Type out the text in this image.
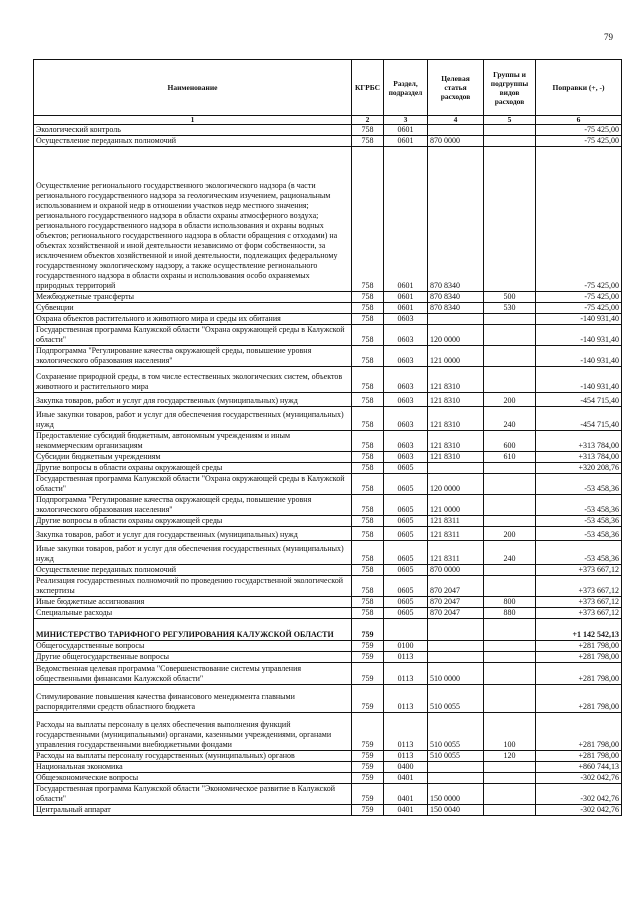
79
Наименование	КГРБС	Раздел, подраздел	Целевая статья расходов	Группы и подгруппы видов расходов	Поправки (+, -)
1	2	3	4	5	6
Экологический контроль	758	0601			-75 425,00
Осуществление переданных полномочий	758	0601	870 0000		-75 425,00
Осуществление регионального государственного экологического надзора (в части регионального государственного надзора за геологическим изучением, рациональным использованием и охраной недр в отношении участков недр местного значения; регионального государственного надзора в области охраны атмосферного воздуха; регионального государственного надзора в области использования и охраны водных объектов; регионального государственного надзора в области обращения с отходами) на объектах хозяйственной и иной деятельности независимо от форм собственности, за исключением объектов хозяйственной и иной деятельности, подлежащих федеральному государственному экологическому надзору, а также осуществление регионального государственного надзора в области охраны и использования особо охраняемых природных территорий	758	0601	870 8340		-75 425,00
Межбюджетные трансферты	758	0601	870 8340	500	-75 425,00
Субвенции	758	0601	870 8340	530	-75 425,00
Охрана объектов растительного и животного мира и среды их обитания	758	0603			-140 931,40
Государственная программа Калужской области "Охрана окружающей среды в Калужской области"	758	0603	120 0000		-140 931,40
Подпрограмма "Регулирование качества окружающей среды, повышение уровня экологического образования населения"	758	0603	121 0000		-140 931,40
Сохранение природной среды, в том числе естественных экологических систем, объектов животного и растительного мира	758	0603	121 8310		-140 931,40
Закупка товаров, работ и услуг для государственных (муниципальных) нужд	758	0603	121 8310	200	-454 715,40
Иные закупки товаров, работ и услуг для обеспечения государственных (муниципальных) нужд	758	0603	121 8310	240	-454 715,40
Предоставление субсидий бюджетным, автономным учреждениям и иным некоммерческим организациям	758	0603	121 8310	600	+313 784,00
Субсидии бюджетным учреждениям	758	0603	121 8310	610	+313 784,00
Другие вопросы в области охраны окружающей среды	758	0605			+320 208,76
Государственная программа Калужской области "Охрана окружающей среды в Калужской области"	758	0605	120 0000		-53 458,36
Подпрограмма "Регулирование качества окружающей среды, повышение уровня экологического образования населения"	758	0605	121 0000		-53 458,36
Другие вопросы в области охраны окружающей среды	758	0605	121 8311		-53 458,36
Закупка товаров, работ и услуг для государственных (муниципальных) нужд	758	0605	121 8311	200	-53 458,36
Иные закупки товаров, работ и услуг для обеспечения государственных (муниципальных) нужд	758	0605	121 8311	240	-53 458,36
Осуществление переданных полномочий	758	0605	870 0000		+373 667,12
Реализация государственных полномочий по проведению государственной экологической экспертизы	758	0605	870 2047		+373 667,12
Иные бюджетные ассигнования	758	0605	870 2047	800	+373 667,12
Специальные расходы	758	0605	870 2047	880	+373 667,12
МИНИСТЕРСТВО ТАРИФНОГО РЕГУЛИРОВАНИЯ КАЛУЖСКОЙ ОБЛАСТИ	759				+1 142 542,13
Общегосударственные вопросы	759	0100			+281 798,00
Другие общегосударственные вопросы	759	0113			+281 798,00
Ведомственная целевая программа "Совершенствование системы управления общественными финансами Калужской области"	759	0113	510 0000		+281 798,00
Стимулирование повышения качества финансового менеджмента главными распорядителями средств областного бюджета	759	0113	510 0055		+281 798,00
Расходы на выплаты персоналу в целях обеспечения выполнения функций государственными (муниципальными) органами, казенными учреждениями, органами управления государственными внебюджетными фондами	759	0113	510 0055	100	+281 798,00
Расходы на выплаты персоналу государственных (муниципальных) органов	759	0113	510 0055	120	+281 798,00
Национальная экономика	759	0400			+860 744,13
Общеэкономические вопросы	759	0401			-302 042,76
Государственная программа Калужской области "Экономическое развитие в Калужской области"	759	0401	150 0000		-302 042,76
Центральный аппарат	759	0401	150 0040		-302 042,76
